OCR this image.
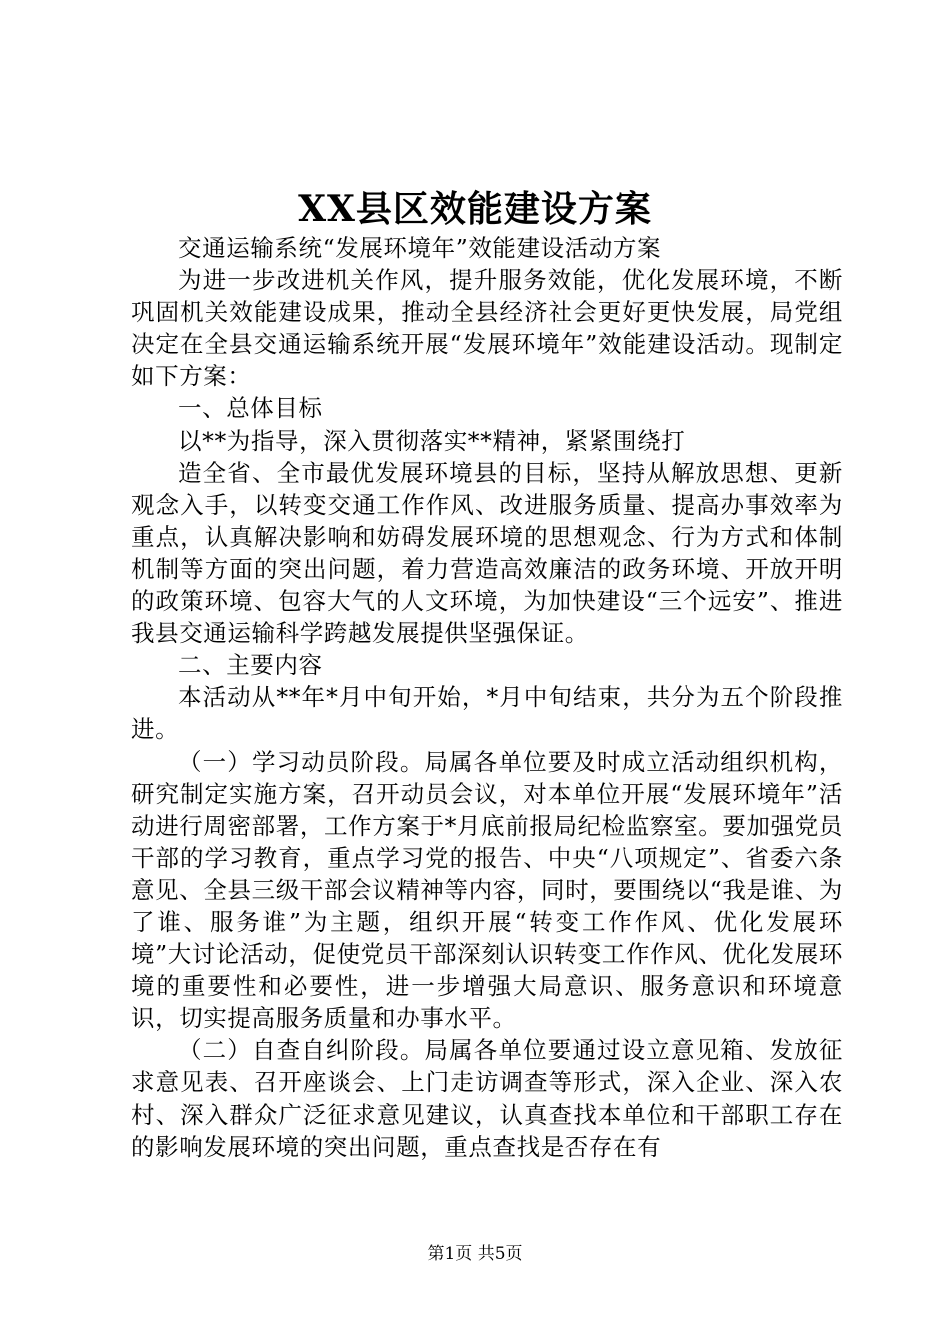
XX县区效能建设方案

交通运输系统“发展环境年”效能建设活动方案

为进一步改进机关作风，提升服务效能，优化发展环境，不断巩固机关效能建设成果，推动全县经济社会更好更快发展，局党组决定在全县交通运输系统开展“发展环境年”效能建设活动。现制定如下方案：

一、总体目标

以**为指导，深入贯彻落实**精神，紧紧围绕打

造全省、全市最优发展环境县的目标，坚持从解放思想、更新观念入手，以转变交通工作作风、改进服务质量、提高办事效率为重点，认真解决影响和妨碍发展环境的思想观念、行为方式和体制机制等方面的突出问题，着力营造高效廉洁的政务环境、开放开明的政策环境、包容大气的人文环境，为加快建设“三个远安”、推进我县交通运输科学跨越发展提供坚强保证。

二、主要内容

本活动从**年*月中旬开始，*月中旬结束，共分为五个阶段推进。

（一）学习动员阶段。局属各单位要及时成立活动组织机构，研究制定实施方案，召开动员会议，对本单位开展“发展环境年”活动进行周密部署，工作方案于*月底前报局纪检监察室。要加强党员干部的学习教育，重点学习党的报告、中央“八项规定”、省委六条意见、全县三级干部会议精神等内容，同时，要围绕以“我是谁、为了谁、服务谁”为主题，组织开展“转变工作作风、优化发展环境”大讨论活动，促使党员干部深刻认识转变工作作风、优化发展环境的重要性和必要性，进一步增强大局意识、服务意识和环境意识，切实提高服务质量和办事水平。

（二）自查自纠阶段。局属各单位要通过设立意见箱、发放征求意见表、召开座谈会、上门走访调查等形式，深入企业、深入农村、深入群众广泛征求意见建议，认真查找本单位和干部职工存在的影响发展环境的突出问题，重点查找是否存在有

第1页 共5页
